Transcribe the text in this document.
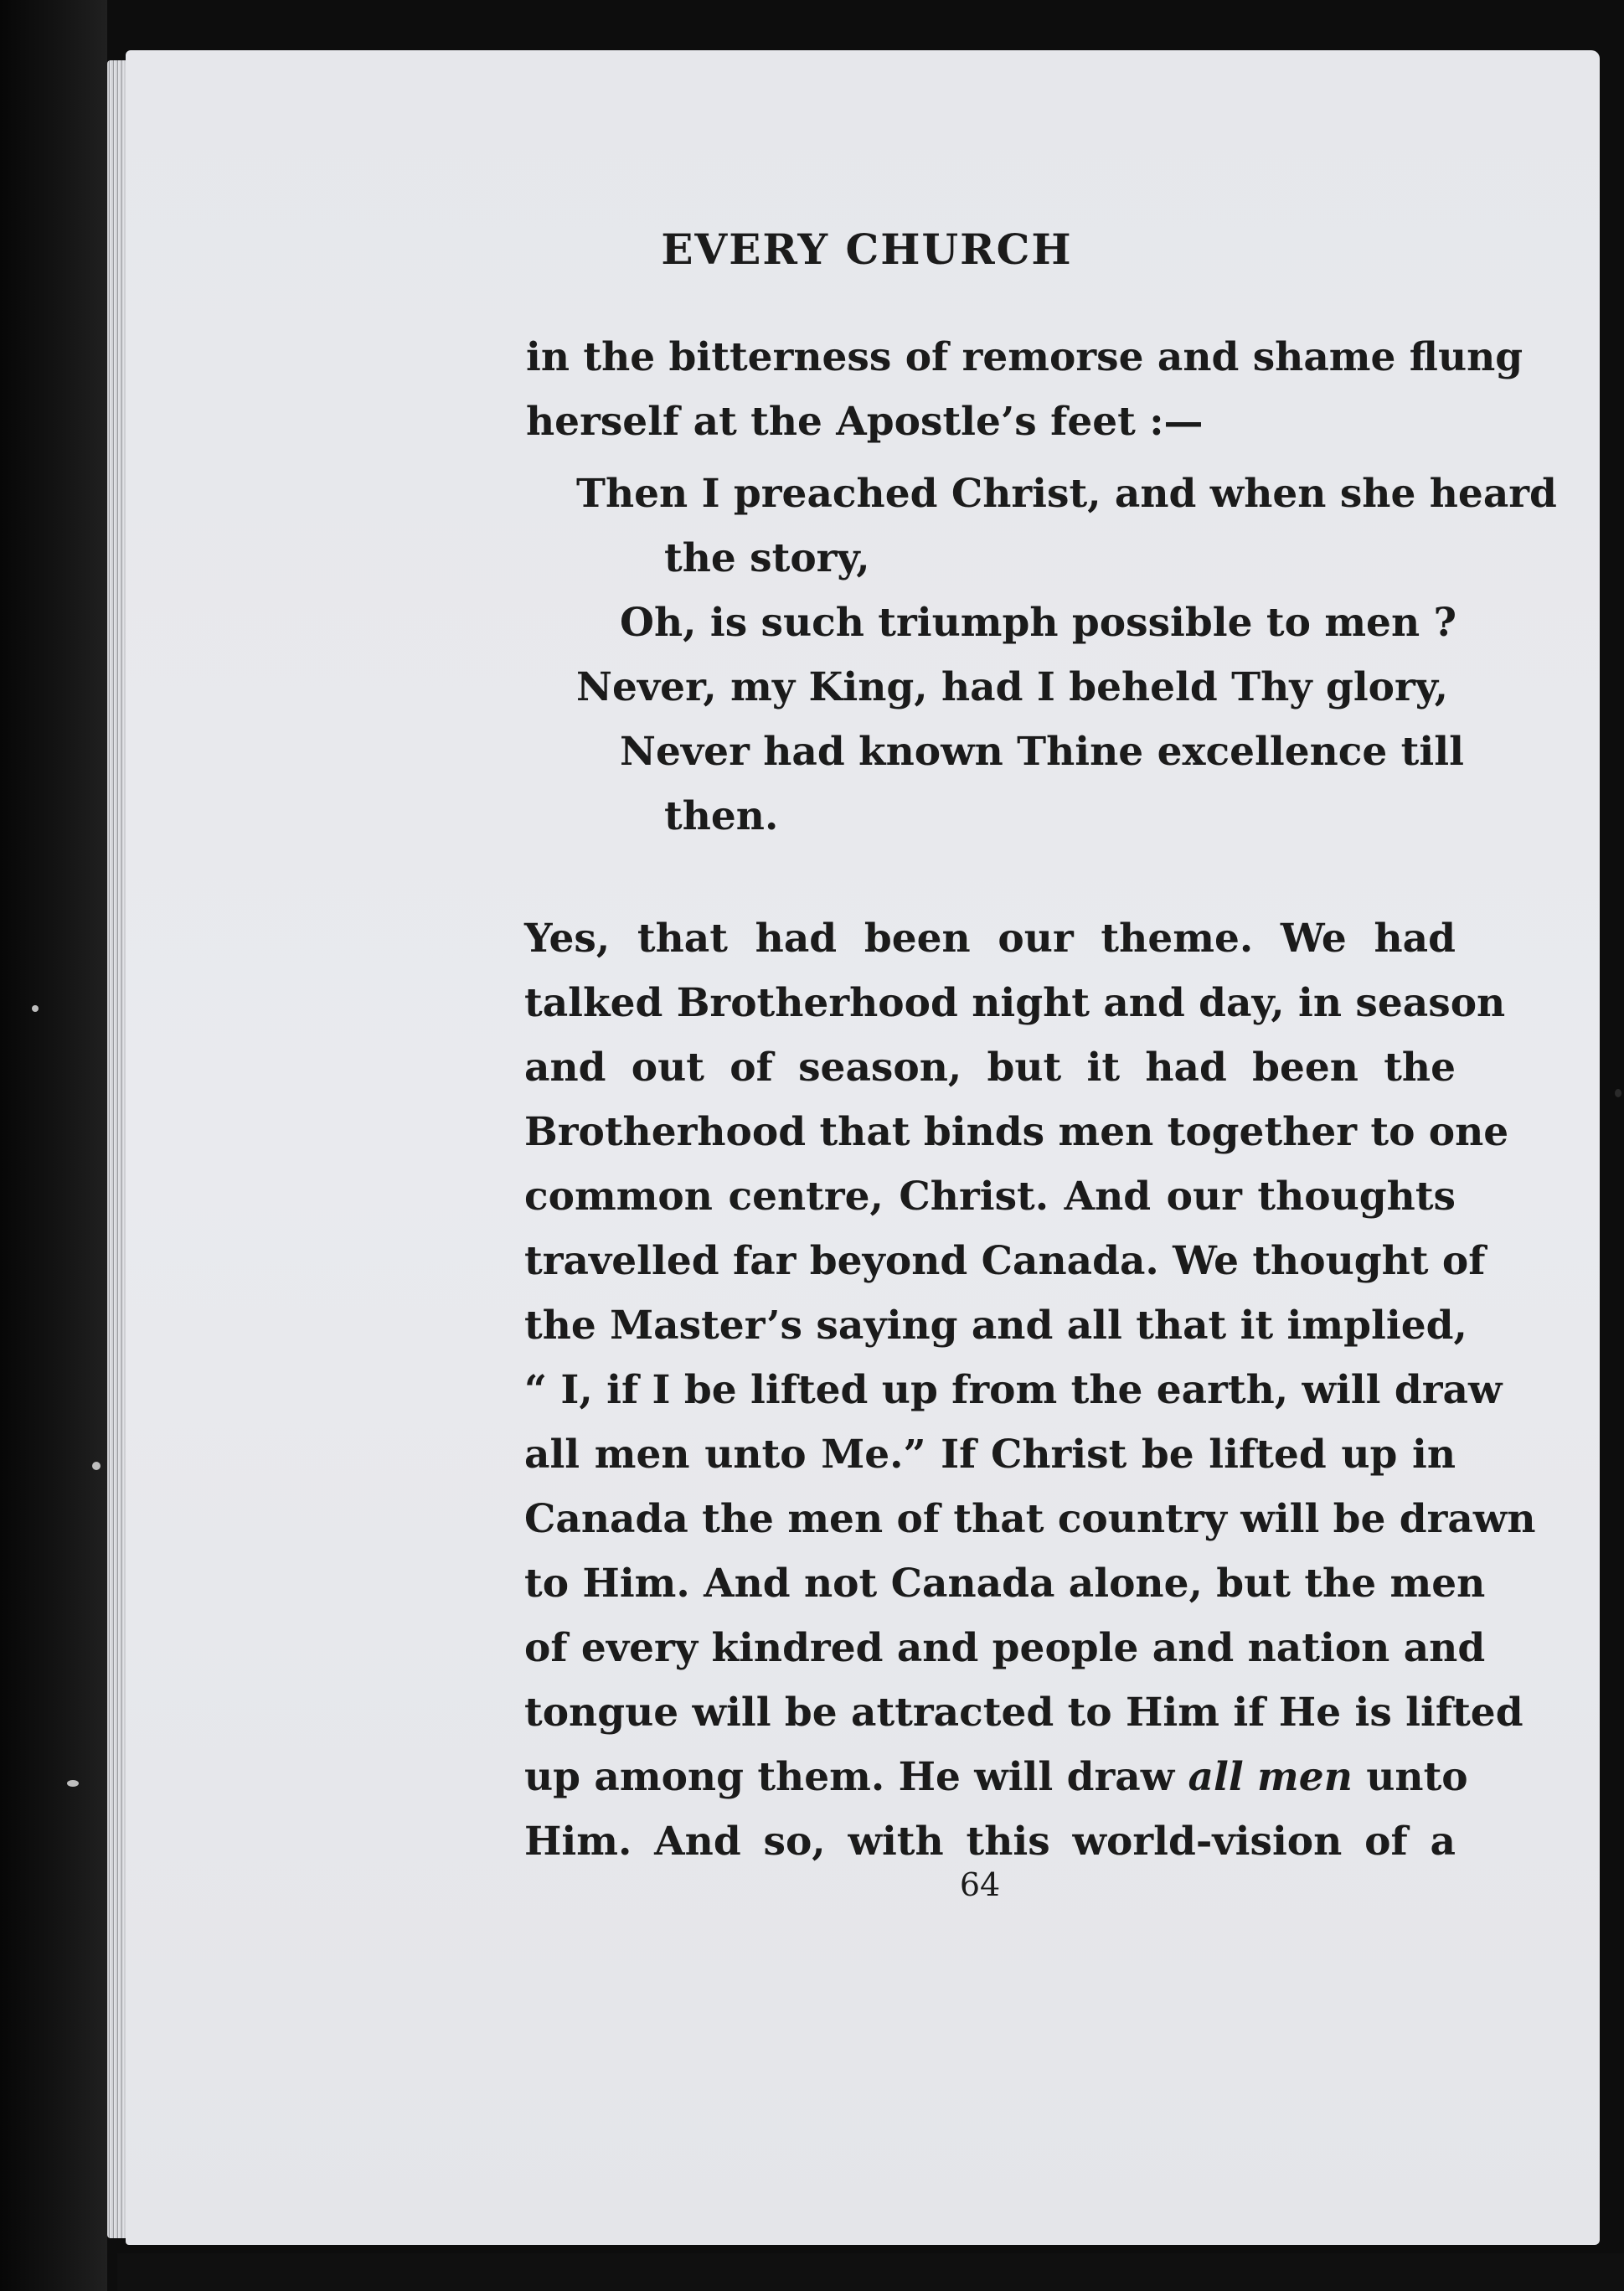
EVERY CHURCH
in the bitterness of remorse and shame flung
herself at the Apostle’s feet :—
Then I preached Christ, and when she heard
the story,
Oh, is such triumph possible to men ?
Never, my King, had I beheld Thy glory,
Never had known Thine excellence till
then.
Yes, that had been our theme. We had
talked Brotherhood night and day, in season
and out of season, but it had been the
Brotherhood that binds men together to one
common centre, Christ. And our thoughts
travelled far beyond Canada. We thought of
the Master’s saying and all that it implied,
“ I, if I be lifted up from the earth, will draw
all men unto Me.” If Christ be lifted up in
Canada the men of that country will be drawn
to Him. And not Canada alone, but the men
of every kindred and people and nation and
tongue will be attracted to Him if He is lifted
up among them. He will draw all men unto
Him. And so, with this world-vision of a
64
